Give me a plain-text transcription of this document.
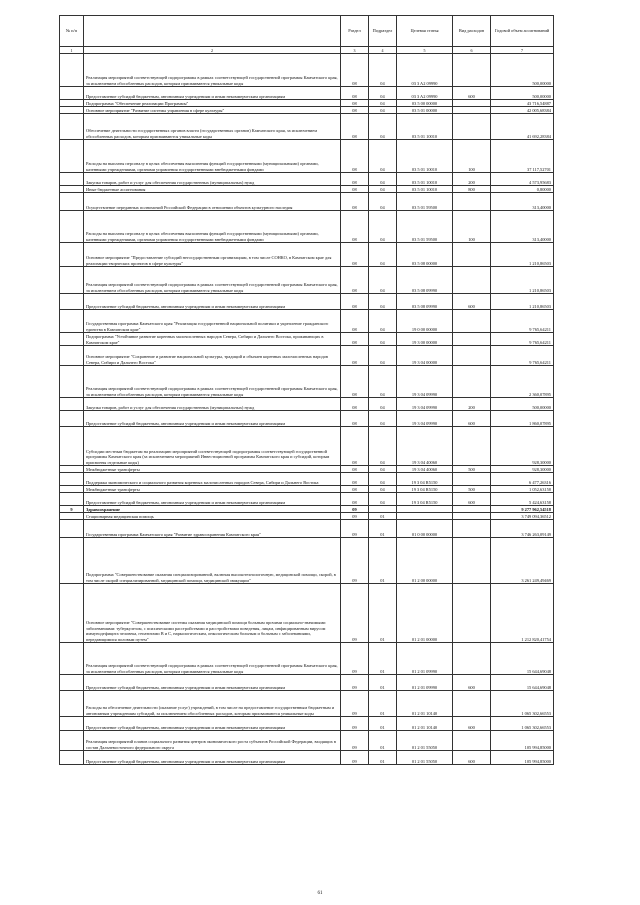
№ п/п		Раздел	Подраздел	Целевая статья	Вид расходов	Годовой объем ассигнований
1	2	3	4	5	6	7
	Реализация мероприятий соответствующей подпрограммы в рамках соответствующей государственной программы Камчатского края, за исключением обособленных расходов, которым присваиваются уникальные коды	08	04	03 3 A2 09990		500,00000
	Предоставление субсидий бюджетным, автономным учреждениям и иным некоммерческим организациям	08	04	03 3 A2 09990	600	500,00000
	Подпрограмма "Обеспечение реализации Программы"	08	04	03 5 00 00000		43 716,54887
	Основное мероприятие "Развитие системы управления в сфере культуры"	08	04	03 5 01 00000		42 005,68384
	Обеспечение деятельности государственных органов власти (государственных органов) Камчатского края, за исключением обособленных расходов, которым присваиваются уникальные коды	08	04	03 5 01 10010		41 692,28384
	Расходы на выплаты персоналу в целях обеспечения выполнения функций государственными (муниципальными) органами, казенными учреждениями, органами управления государственными внебюджетными фондами	08	04	03 5 01 10010	100	37 117,52701
	Закупка товаров, работ и услуг для обеспечения государственных (муниципальных) нужд	08	04	03 5 01 10010	200	4 573,95683
	Иные бюджетные ассигнования	08	04	03 5 01 10010	800	0,80000
	Осуществление переданных полномочий Российской Федерации в отношении объектов культурного наследия	08	04	03 5 01 59500		313,40000
	Расходы на выплаты персоналу в целях обеспечения выполнения функций государственными (муниципальными) органами, казенными учреждениями, органами управления государственными внебюджетными фондами	08	04	03 5 01 59500	100	313,40000
	Основное мероприятие "Предоставление субсидий негосударственным организациям, в том числе СОНКО, в Камчатском крае для реализации творческих проектов в сфере культуры"	08	04	03 5 08 00000		1 210,86503
	Реализация мероприятий соответствующей подпрограммы в рамках соответствующей государственной программы Камчатского края, за исключением обособленных расходов, которым присваиваются уникальные коды	08	04	03 5 08 09990		1 210,86503
	Предоставление субсидий бюджетным, автономным учреждениям и иным некоммерческим организациям	08	04	03 5 08 09990	600	1 210,86503
	Государственная программа Камчатского края "Реализация государственной национальной политики и укрепление гражданского единства в Камчатском крае"	08	04	19 0 00 00000		9 765,64211
	Подпрограмма "Устойчивое развитие коренных малочисленных народов Севера, Сибири и Дальнего Востока, проживающих в Камчатском крае"	08	04	19 3 00 00000		9 765,64211
	Основное мероприятие "Сохранение и развитие национальной культуры, традиций и обычаев коренных малочисленных народов Севера, Сибири и Дальнего Востока"	08	04	19 3 04 00000		9 765,64211
	Реализация мероприятий соответствующей подпрограммы в рамках соответствующей государственной программы Камчатского края, за исключением обособленных расходов, которым присваиваются уникальные коды	08	04	19 3 04 09990		2 360,07895
	Закупка товаров, работ и услуг для обеспечения государственных (муниципальных) нужд	08	04	19 3 04 09990	200	500,00000
	Предоставление субсидий бюджетным, автономным учреждениям и иным некоммерческим организациям	08	04	19 3 04 09990	600	1 860,07895
	Субсидии местным бюджетам на реализацию мероприятий соответствующей подпрограммы соответствующей государственной программы Камчатского края (за исключением мероприятий Инвестиционной программы Камчатского края и субсидий, которым присвоены отдельные коды)	08	04	19 3 04 40060		928,30000
	Межбюджетные трансферты	08	04	19 3 04 40060	500	928,30000
	Поддержка экономического и социального развития коренных малочисленных народов Севера, Сибири и Дальнего Востока	08	04	19 3 04 R5150		6 477,26316
	Межбюджетные трансферты	08	04	19 3 04 R5150	500	1 052,63158
	Предоставление субсидий бюджетным, автономным учреждениям и иным некоммерческим организациям	08	04	19 3 04 R5150	600	5 424,63158
9	Здравоохранение	09				9 277 962,54518
	Стационарная медицинская помощь	09	01			3 749 094,36512
	Государственная программа Камчатского края "Развитие здравоохранения Камчатского края"	09	01	01 0 00 00000		3 746 263,09149
	Подпрограмма "Совершенствование оказания специализированной, включая высокотехнологичную, медицинской помощи, скорой, в том числе скорой специализированной, медицинской помощи, медицинской эвакуации"	09	01	01 2 00 00000		3 261 249,49469
	Основное мероприятие "Совершенствование системы оказания медицинской помощи больным прочими социально-значимыми заболеваниями: туберкулезом, с психическими расстройствами и расстройствами поведения, лицам, инфицированным вирусом иммунодефицита человека, гепатитами В и С, наркологическим, онкологическим больным и больным с заболеваниями, передающимися половым путем"	09	01	01 2 01 00000		1 212 820,41754
	Реализация мероприятий соответствующей подпрограммы в рамках соответствующей государственной программы Камчатского края, за исключением обособленных расходов, которым присваиваются уникальные коды	09	01	01 2 01 09990		15 644,69048
	Предоставление субсидий бюджетным, автономным учреждениям и иным некоммерческим организациям	09	01	01 2 01 09990	600	15 644,69048
	Расходы на обеспечение деятельности (оказание услуг) учреждений, в том числе на предоставление государственным бюджетным и автономным учреждениям субсидий, за исключением обособленных расходов, которым присваиваются уникальные коды	09	01	01 2 01 10140		1 065 302,66553
	Предоставление субсидий бюджетным, автономным учреждениям и иным некоммерческим организациям	09	01	01 2 01 10140	600	1 065 302,66553
	Реализация мероприятий планов социального развития центров экономического роста субъектов Российской Федерации, входящих в состав Дальневосточного федерального округа	09	01	01 2 01 55050		105 994,85000
	Предоставление субсидий бюджетным, автономным учреждениям и иным некоммерческим организациям	09	01	01 2 01 55050	600	105 994,85000
61
